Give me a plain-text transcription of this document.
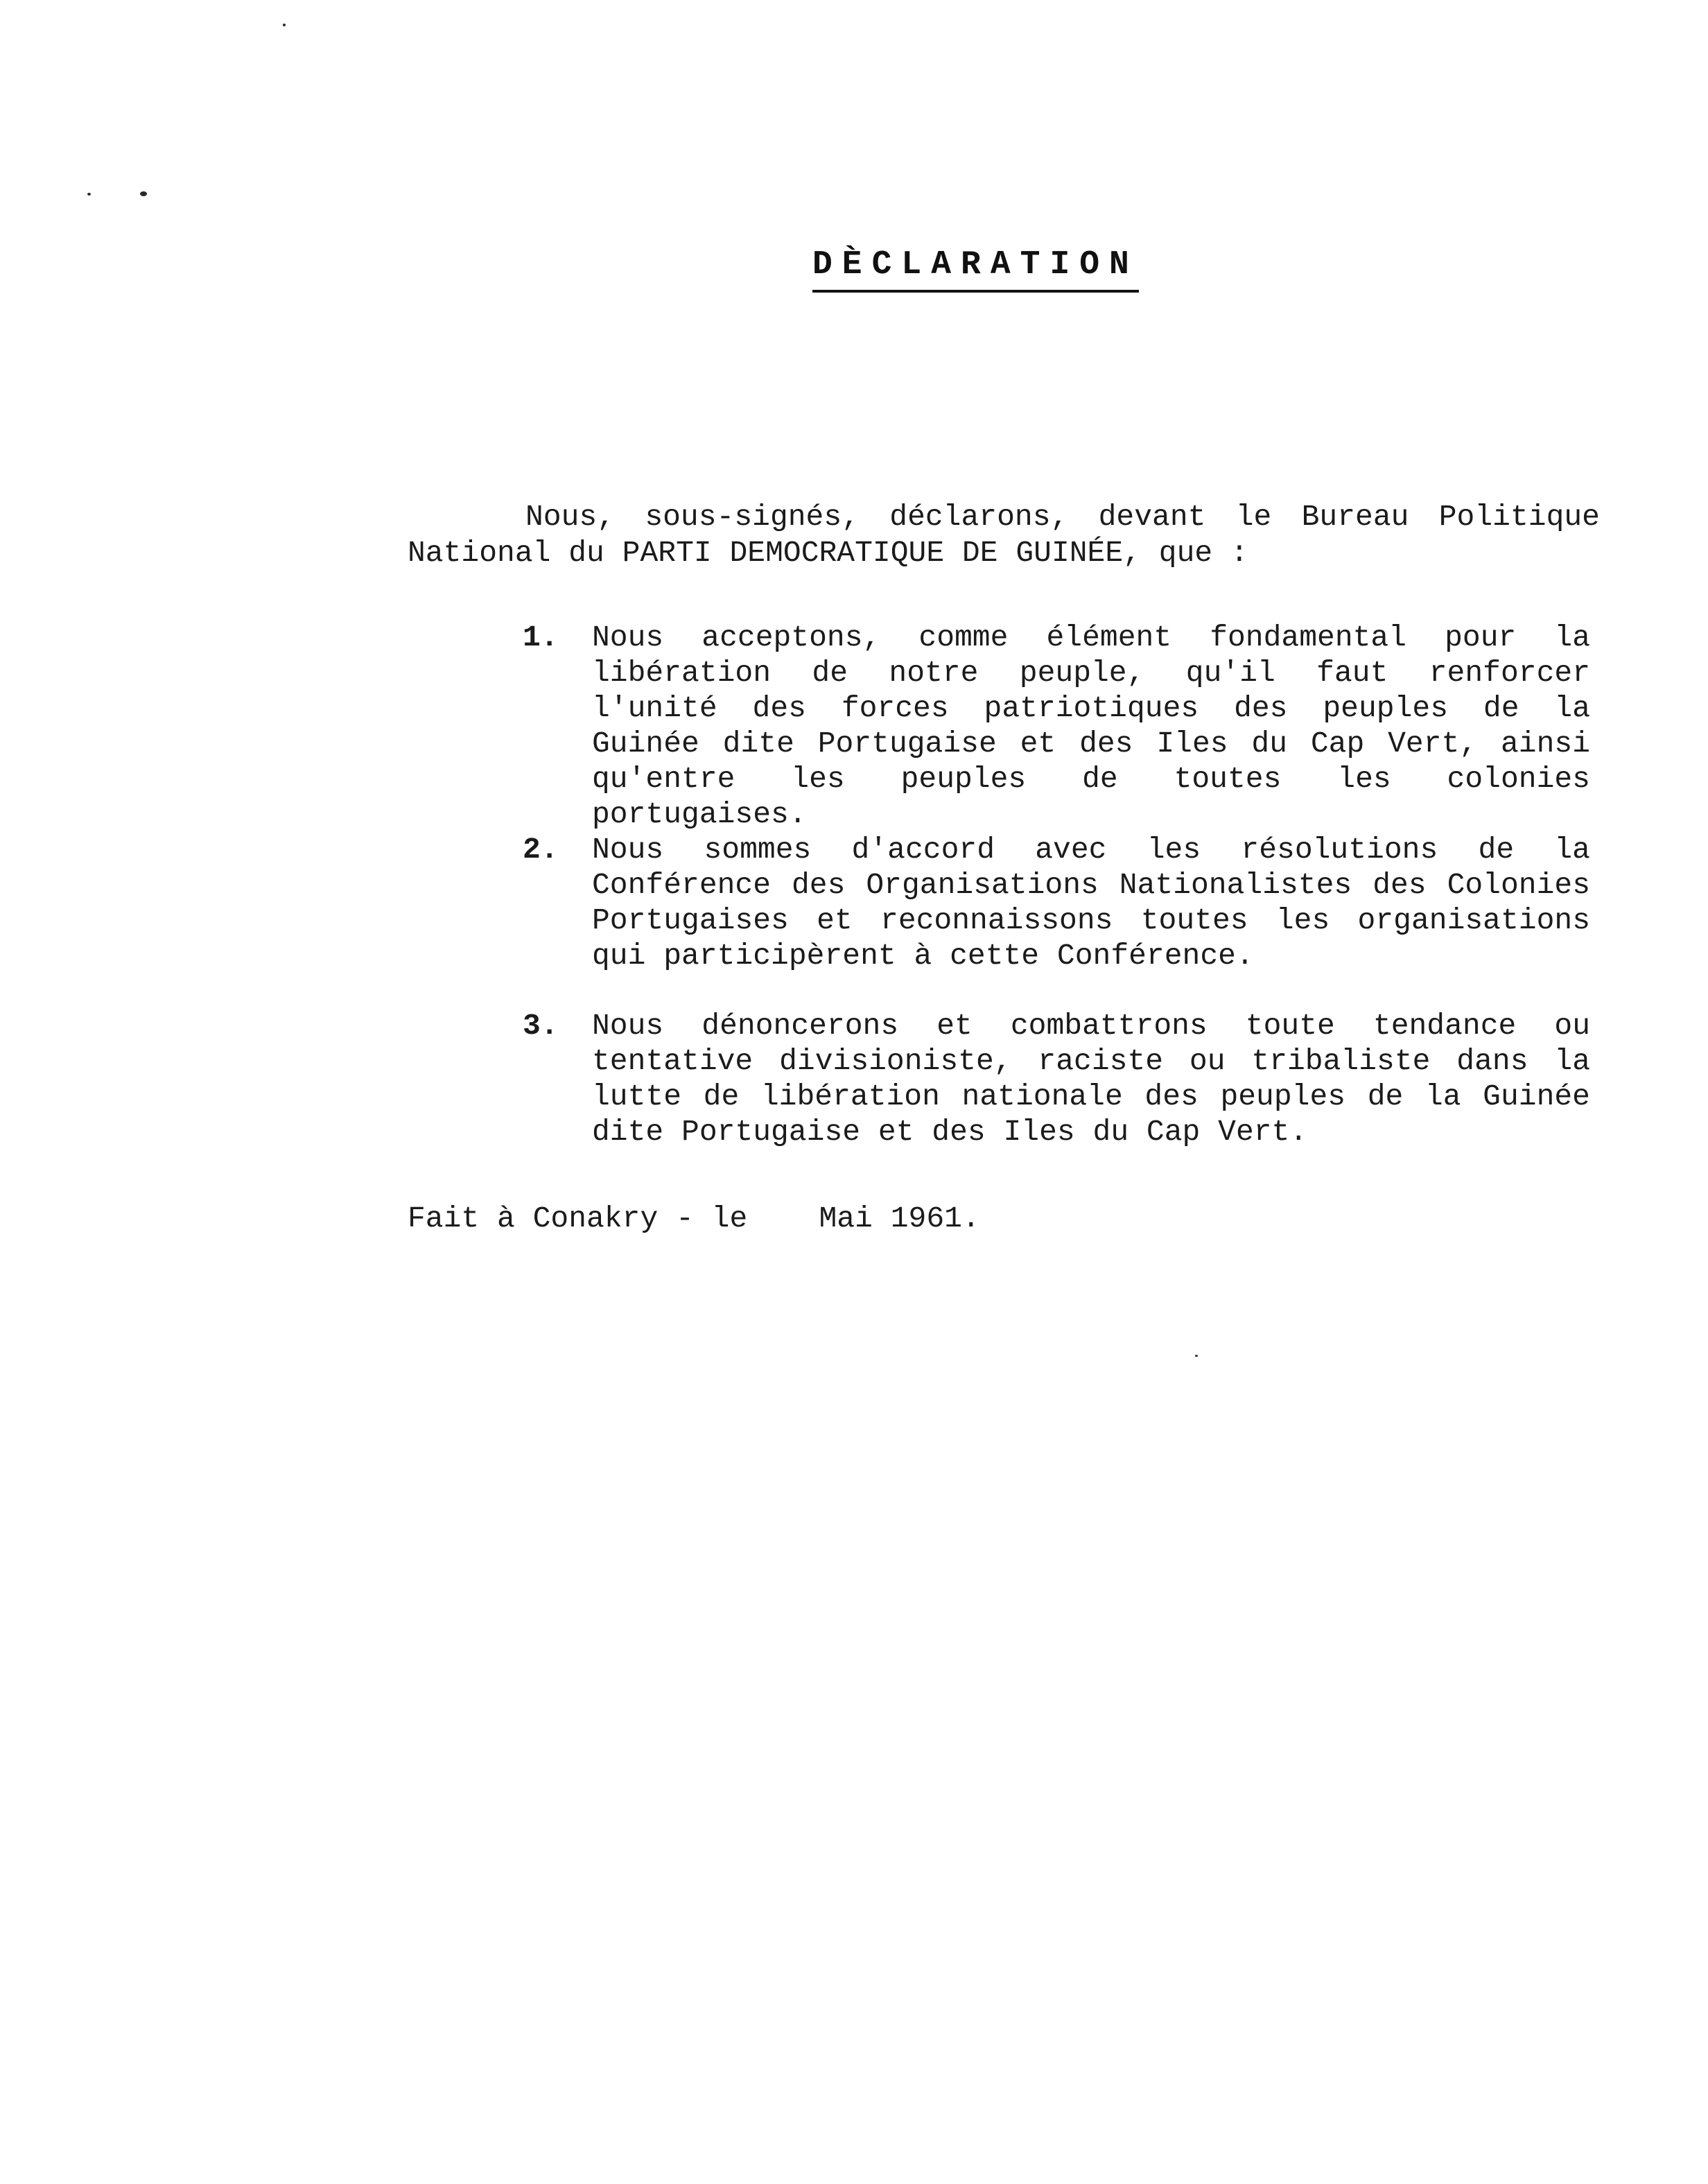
DÈCLARATION
Nous, sous-signés, déclarons, devant le Bureau Politique National du PARTI DEMOCRATIQUE DE GUINÉE, que :
1.	Nous acceptons, comme élément fondamental pour la libération de notre peuple, qu'il faut renforcer l'unité des forces patriotiques des peuples de la Guinée dite Portugaise et des Iles du Cap Vert, ainsi qu'entre les peuples de toutes les colonies portugaises.
2.	Nous sommes d'accord avec les résolutions de la Conférence des Organisations Nationalistes des Colonies Portugaises et reconnaissons toutes les organisations qui participèrent à cette Conférence.
3.	Nous dénoncerons et combattrons toute tendance ou tentative divisioniste, raciste ou tribaliste dans la lutte de libération nationale des peuples de la Guinée dite Portugaise et des Iles du Cap Vert.
Fait à Conakry - le    Mai 1961.
